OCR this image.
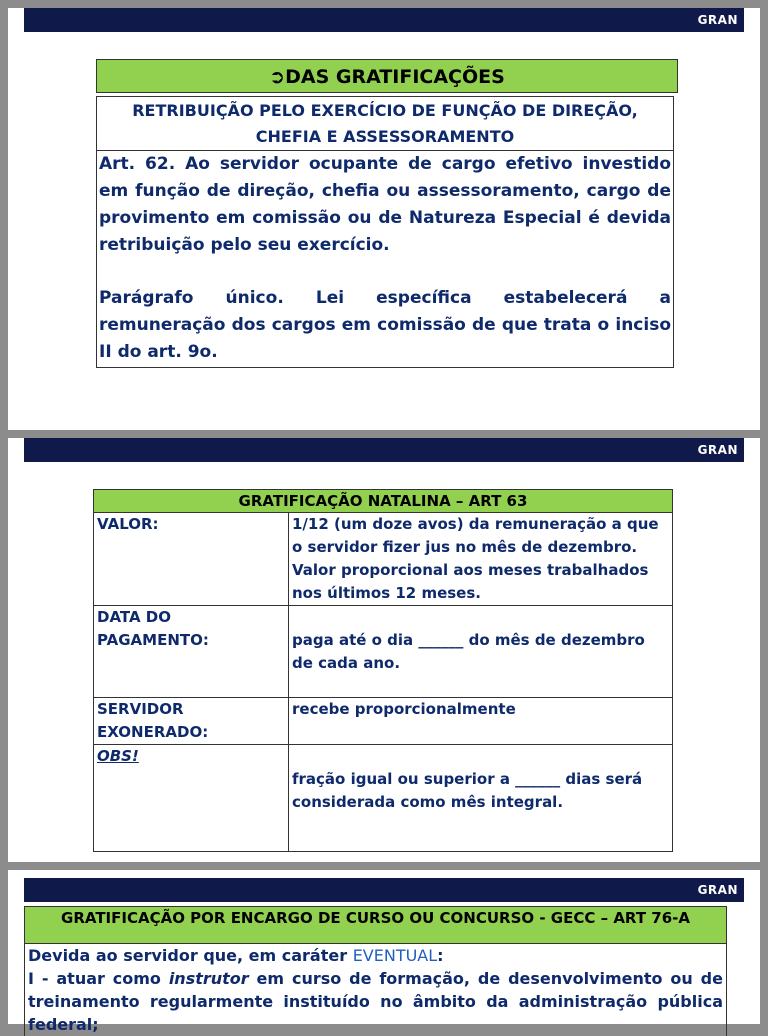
GRAN
➲DAS GRATIFICAÇÕES
RETRIBUIÇÃO PELO EXERCÍCIO DE FUNÇÃO DE DIREÇÃO,
CHEFIA E ASSESSORAMENTO
Art. 62. Ao servidor ocupante de cargo efetivo investido em função de direção, chefia ou assessoramento, cargo de provimento em comissão ou de Natureza Especial é devida retribuição pelo seu exercício.
Parágrafo único. Lei específica estabelecerá a remuneração dos cargos em comissão de que trata o inciso II do art. 9o.
GRAN
GRATIFICAÇÃO NATALINA – ART 63	
VALOR:	1/12 (um doze avos) da remuneração a que o servidor fizer jus no mês de dezembro.
Valor proporcional aos meses trabalhados nos últimos 12 meses.

DATA DO
PAGAMENTO:	paga até o dia ______ do mês de dezembro de cada ano.

SERVIDOR
EXONERADO:	recebe proporcionalmente
OBS!	fração igual ou superior a ______ dias será considerada como mês integral.
GRAN
GRATIFICAÇÃO POR ENCARGO DE CURSO OU CONCURSO - GECC – ART 76-A
Devida ao servidor que, em caráter EVENTUAL:
I - atuar como instrutor em curso de formação, de desenvolvimento ou de treinamento regularmente instituído no âmbito da administração pública federal;
